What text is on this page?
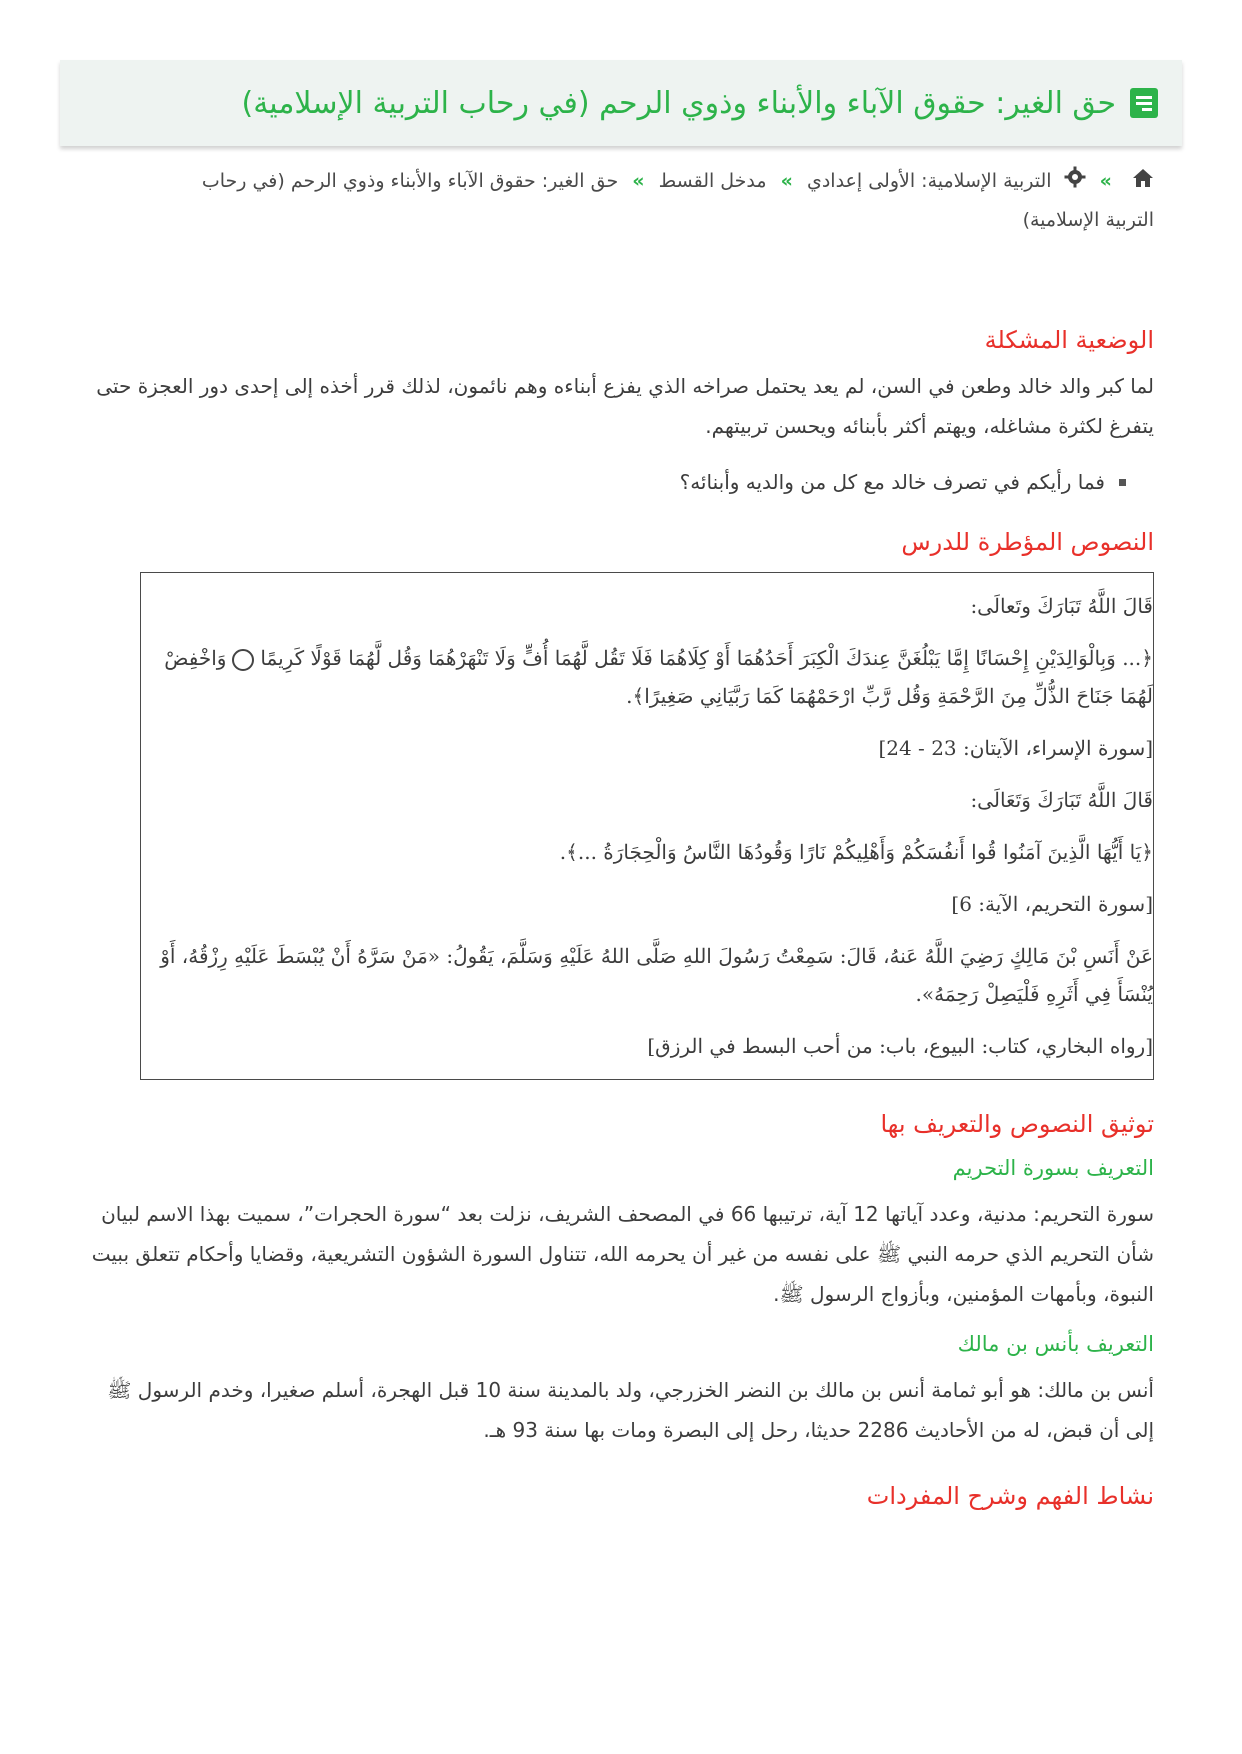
حق الغير: حقوق الآباء والأبناء وذوي الرحم (في رحاب التربية الإسلامية)
»  التربية الإسلامية: الأولى إعدادي » مدخل القسط » حق الغير: حقوق الآباء والأبناء وذوي الرحم (في رحاب التربية الإسلامية)
الوضعية المشكلة

لما كبر والد خالد وطعن في السن، لم يعد يحتمل صراخه الذي يفزع أبناءه وهم نائمون، لذلك قرر أخذه إلى إحدى دور العجزة حتى يتفرغ لكثرة مشاغله، ويهتم أكثر بأبنائه ويحسن تربيتهم.

فما رأيكم في تصرف خالد مع كل من والديه وأبنائه؟
النصوص المؤطرة للدرس

قَالَ اللَّهُ تَبَارَكَ وتَعالَى:

﴿... وَبِالْوَالِدَيْنِ إِحْسَانًا إِمَّا يَبْلُغَنَّ عِندَكَ الْكِبَرَ أَحَدُهُمَا أَوْ كِلَاهُمَا فَلَا تَقُل لَّهُمَا أُفٍّ وَلَا تَنْهَرْهُمَا وَقُل لَّهُمَا قَوْلًا كَرِيمًاوَاخْفِضْ لَهُمَا جَنَاحَ الذُّلِّ مِنَ الرَّحْمَةِ وَقُل رَّبِّ ارْحَمْهُمَا كَمَا رَبَّيَانِي صَغِيرًا﴾.

[سورة الإسراء، الآيتان: 23 - 24]

قَالَ اللَّهُ تَبَارَكَ وَتَعَالَى:

﴿يَا أَيُّهَا الَّذِينَ آمَنُوا قُوا أَنفُسَكُمْ وَأَهْلِيكُمْ نَارًا وَقُودُهَا النَّاسُ وَالْحِجَارَةُ ...﴾.

[سورة التحريم، الآية: 6]

عَنْ أَنَسِ بْنَ مَالِكٍ رَضِيَ اللَّهُ عَنهُ، قَالَ: سَمِعْتُ رَسُولَ اللهِ صَلَّى اللهُ عَلَيْهِ وَسَلَّمَ، يَقُولُ: «مَنْ سَرَّهُ أَنْ يُبْسَطَ عَلَيْهِ رِزْقُهُ، أَوْ يُنْسَأَ فِي أَثَرِهِ فَلْيَصِلْ رَحِمَهُ».

[رواه البخاري، كتاب: البيوع، باب: من أحب البسط في الرزق]

توثيق النصوص والتعريف بها
التعريف بسورة التحريم

سورة التحريم: مدنية، وعدد آياتها 12 آية، ترتيبها 66 في المصحف الشريف، نزلت بعد “سورة الحجرات”، سميت بهذا الاسم لبيان شأن التحريم الذي حرمه النبي ﷺ على نفسه من غير أن يحرمه الله، تتناول السورة الشؤون التشريعية، وقضايا وأحكام تتعلق ببيت النبوة، وبأمهات المؤمنين، وبأزواج الرسول ﷺ.

التعريف بأنس بن مالك

أنس بن مالك: هو أبو ثمامة أنس بن مالك بن النضر الخزرجي، ولد بالمدينة سنة 10 قبل الهجرة، أسلم صغيرا، وخدم الرسول ﷺ إلى أن قبض، له من الأحاديث 2286 حديثا، رحل إلى البصرة ومات بها سنة 93 هـ.

نشاط الفهم وشرح المفردات
